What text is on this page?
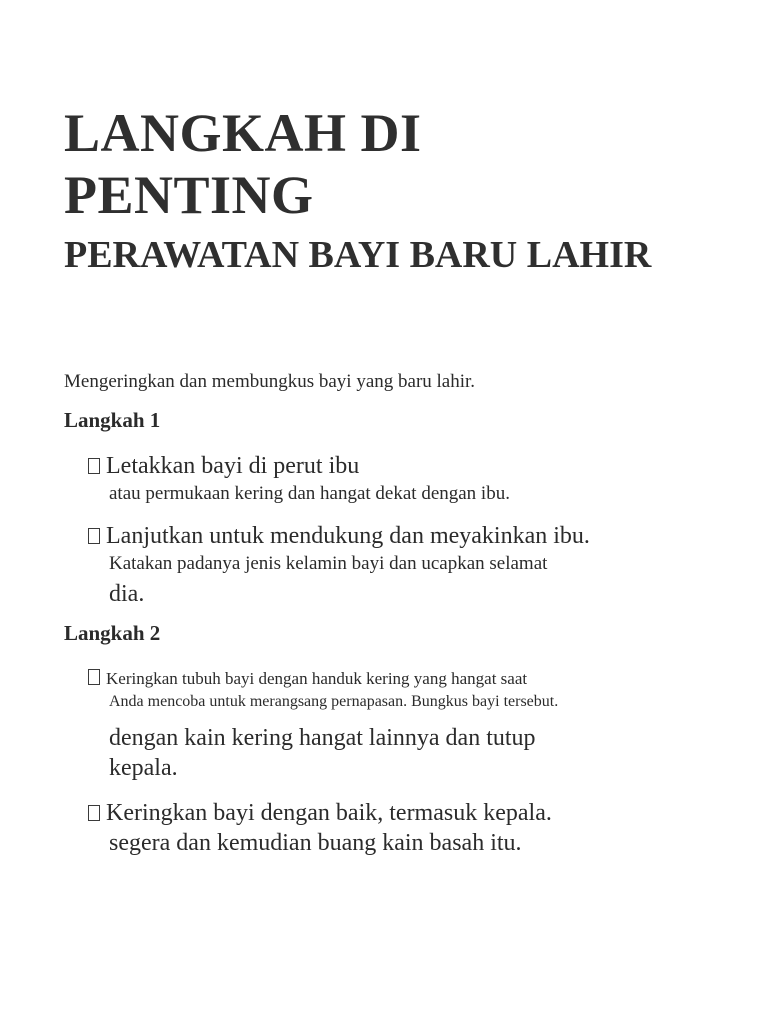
LANGKAH DI
PENTING
PERAWATAN BAYI BARU LAHIR
Mengeringkan dan membungkus bayi yang baru lahir.
Langkah 1
Letakkan bayi di perut ibu
atau permukaan kering dan hangat dekat dengan ibu.
Lanjutkan untuk mendukung dan meyakinkan ibu.
Katakan padanya jenis kelamin bayi dan ucapkan selamat
dia.
Langkah 2
Keringkan tubuh bayi dengan handuk kering yang hangat saat
Anda mencoba untuk merangsang pernapasan. Bungkus bayi tersebut.
dengan kain kering hangat lainnya dan tutup
kepala.
Keringkan bayi dengan baik, termasuk kepala.
segera dan kemudian buang kain basah itu.
